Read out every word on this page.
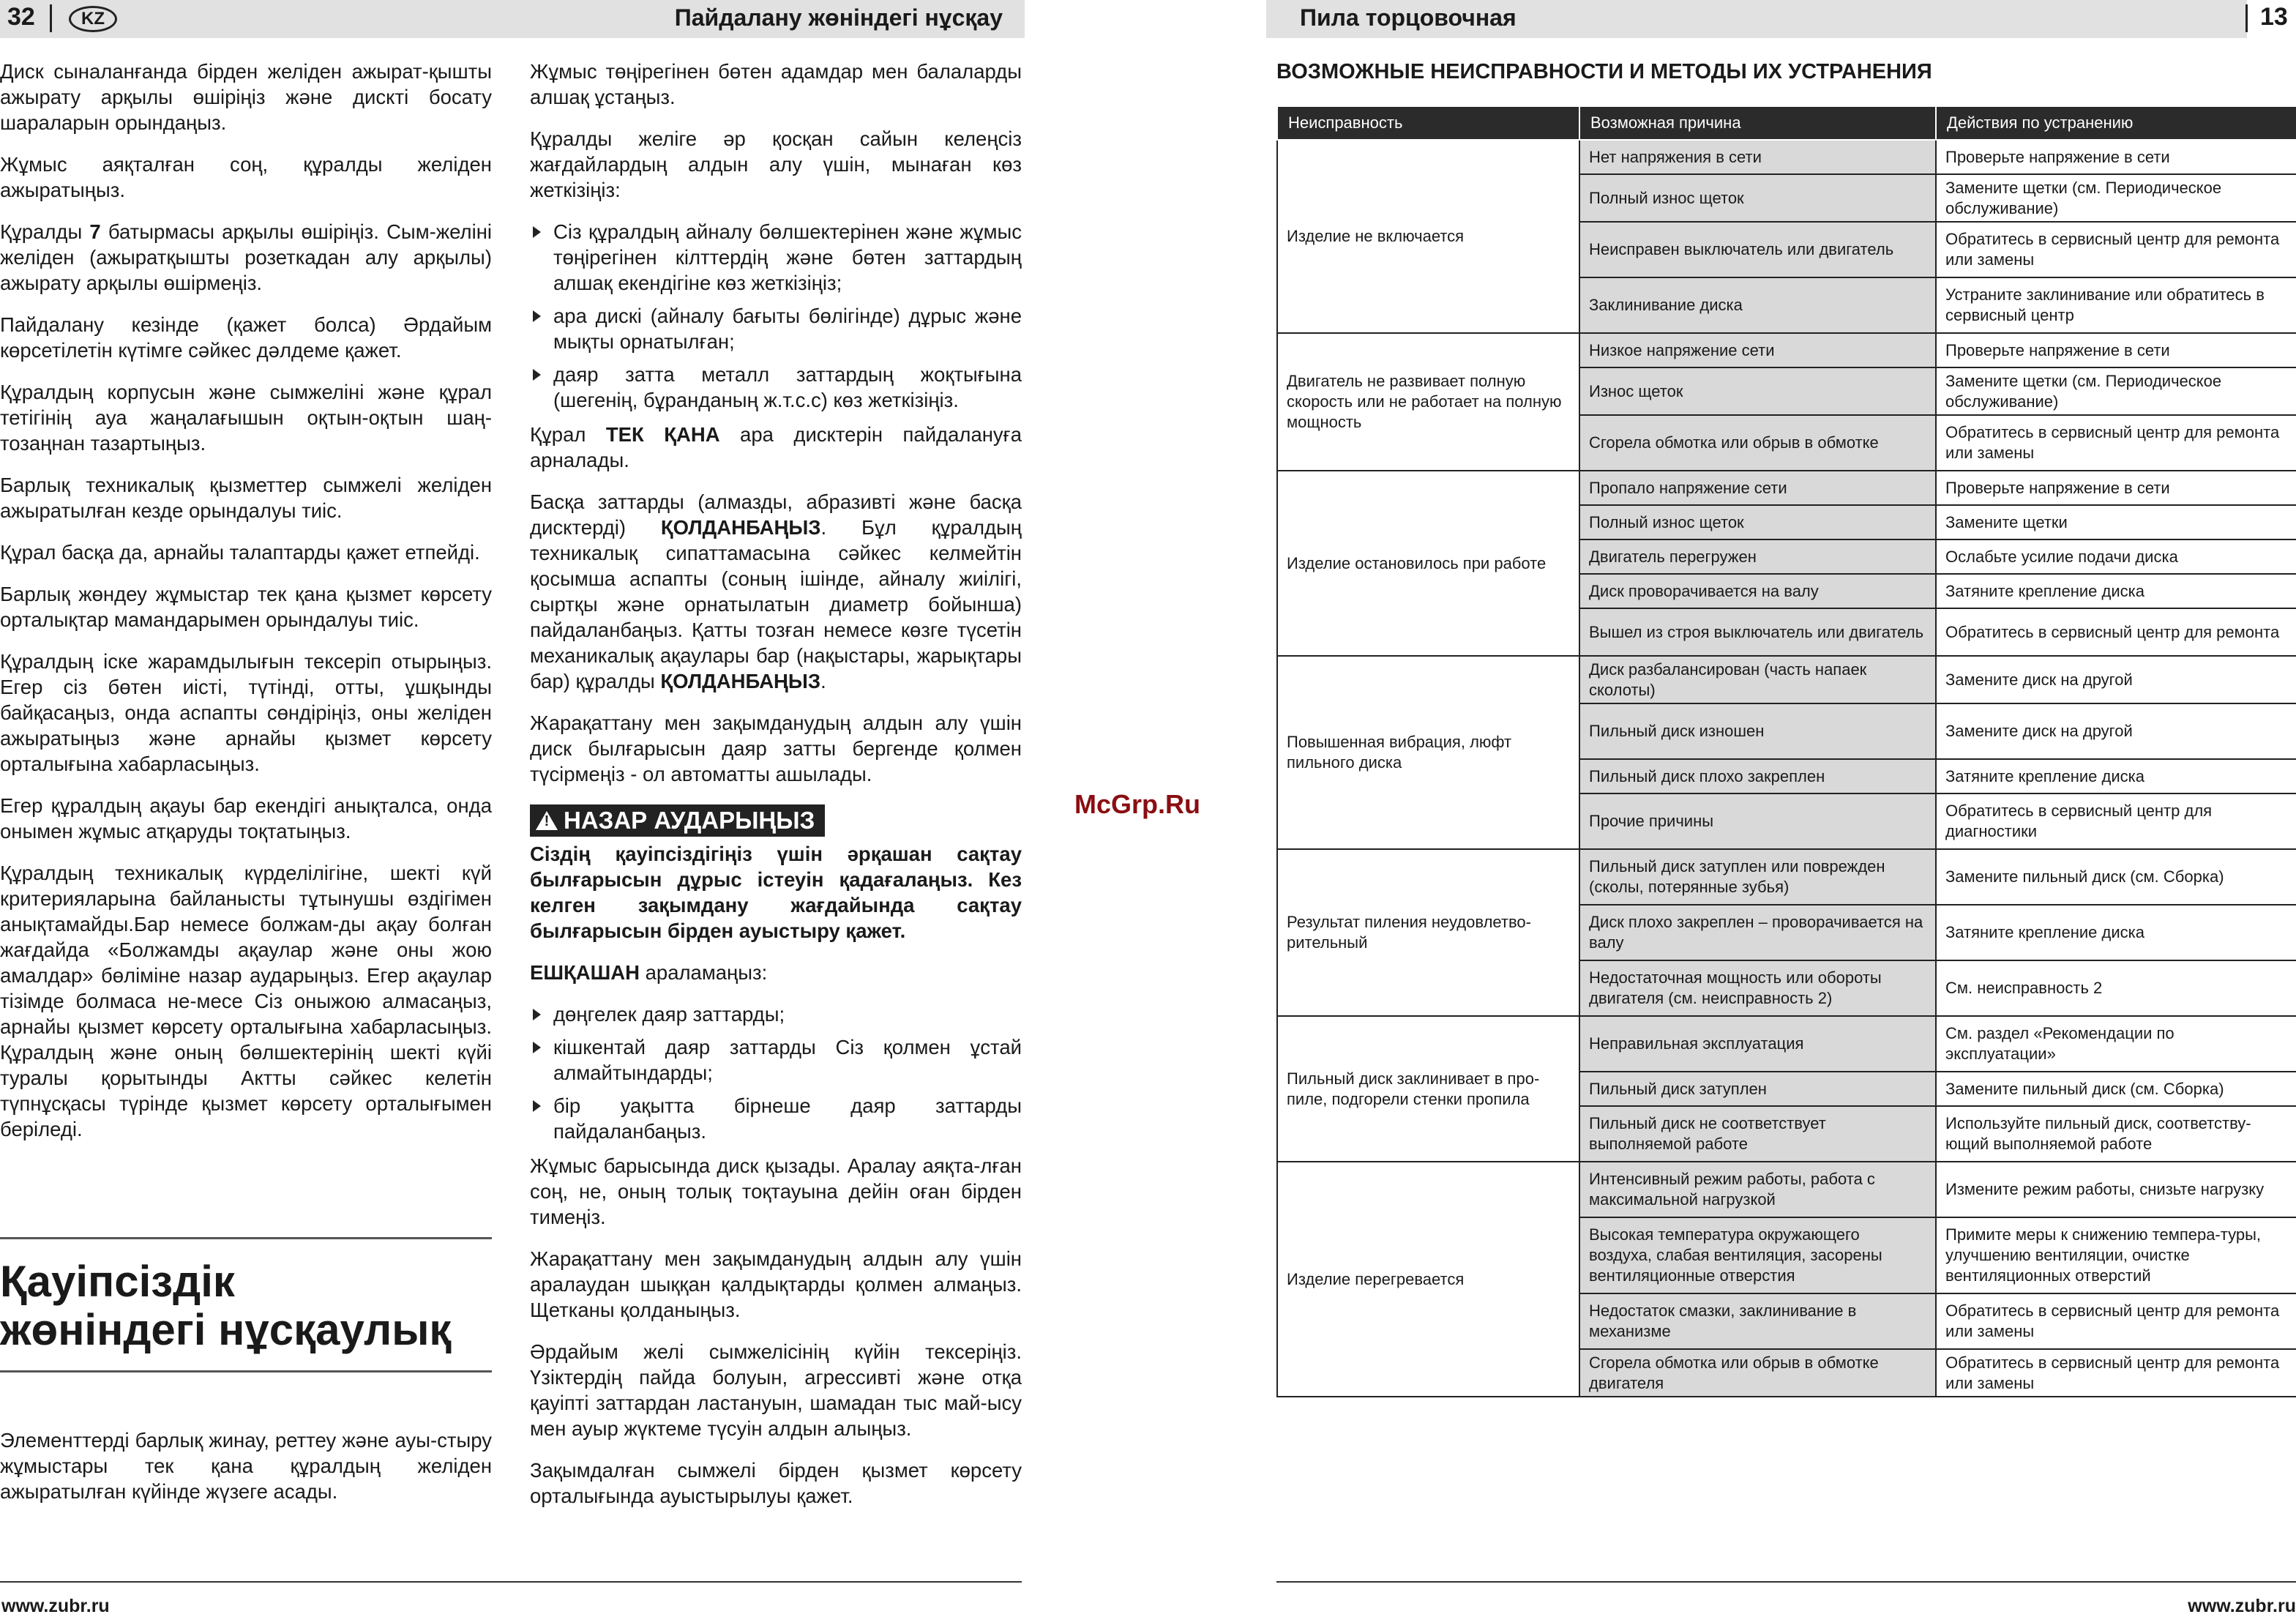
32	KZ	Пайдалану жөніндегі нұсқау

Диск сыналанғанда бірден желіден ажырат-қышты ажырату арқылы өшіріңіз және дискті босату шараларын орындаңыз.

Жұмыс аяқталған соң, құралды желіден ажыратыңыз.

Құралды 7 батырмасы арқылы өшіріңіз. Сым-желіні желіден (ажыратқышты розеткадан алу арқылы) ажырату арқылы өшірмеңіз.

Пайдалану кезінде (қажет болса) Әрдайым көрсетілетін күтімге сәйкес дәлдеме қажет.

Құралдың корпусын және сымжеліні және құрал тетігінің ауа жаңалағышын оқтын-оқтын шаң-тозаңнан тазартыңыз.

Барлық техникалық қызметтер сымжелі желіден ажыратылған кезде орындалуы тиіс.

Құрал басқа да, арнайы талаптарды қажет етпейді.

Барлық жөндеу жұмыстар тек қана қызмет көрсету орталықтар мамандарымен орындалуы тиіс.

Құралдың іске жарамдылығын тексеріп отырыңыз. Егер сіз бөтен иісті, түтінді, отты, ұшқынды байқасаңыз, онда аспапты сөндіріңіз, оны желіден ажыратыңыз және арнайы қызмет көрсету орталығына хабарласыңыз.

Егер құралдың ақауы бар екендігі анықталса, онда онымен жұмыс атқаруды тоқтатыңыз.

Құралдың техникалық күрделілігіне, шекті күй критерияларына байланысты тұтынушы өздігімен анықтамайды.Бар немесе болжам-ды ақау болған жағдайда «Болжамды ақаулар және оны жою амалдар» бөліміне назар аударыңыз. Егер ақаулар тізімде болмаса не-месе Сіз оныжою алмасаңыз, арнайы қызмет көрсету орталығына хабарласыңыз. Құралдың және оның бөлшектерінің шекті күйі туралы қорытынды Актты сәйкес келетін түпнұсқасы түрінде қызмет көрсету орталығымен беріледі.

Қауіпсіздік
жөніндегі нұсқаулық

Элементтерді барлық жинау, реттеу және ауы-стыру жұмыстары тек қана құралдың желіден ажыратылған күйінде жүзеге асады.

Жұмыс төңірегінен бөтен адамдар мен балаларды алшақ ұстаңыз.

Құралды желіге әр қосқан сайын келеңсіз жағдайлардың алдын алу үшін, мынаған көз жеткізіңіз:

Сіз құралдың айналу бөлшектерінен және жұмыс төңірегінен кілттердің және бөтен заттардың алшақ екендігіне көз жеткізіңіз;
ара дискі (айналу бағыты бөлігінде) дұрыс және мықты орнатылған;
даяр затта металл заттардың жоқтығына (шегенің, бұранданың ж.т.с.с) көз жеткізіңіз.

Құрал ТЕК ҚАНА ара дисктерін пайдалануға арналады.

Басқа заттарды (алмазды, абразивті және басқа дисктерді) ҚОЛДАНБАҢЫЗ. Бұл құралдың техникалық сипаттамасына сәйкес келмейтін қосымша аспапты (соның ішінде, айналу жиілігі, сыртқы және орнатылатын диаметр бойынша) пайдаланбаңыз. Қатты тозған немесе көзге түсетін механикалық ақаулары бар (нақыстары, жарықтары бар) құралды ҚОЛДАНБАҢЫЗ.

Жарақаттану мен зақымданудың алдын алу үшін диск былғарысын даяр затты бергенде қолмен түсірмеңіз - ол автоматты ашылады.

!НАЗАР АУДАРЫҢЫЗ

Сіздің қауіпсіздігіңіз үшін әрқашан сақтау былғарысын дұрыс істеуін қадағалаңыз. Кез келген зақымдану жағдайында сақтау былғарысын бірден ауыстыру қажет.

ЕШҚАШАН араламаңыз:

дөңгелек даяр заттарды;
кішкентай даяр заттарды Сіз қолмен ұстай алмайтындарды;
бір уақытта бірнеше даяр заттарды пайдаланбаңыз.

Жұмыс барысында диск қызады. Аралау аяқта-лған соң, не, оның толық тоқтауына дейін оған бірден тимеңіз.

Жарақаттану мен зақымданудың алдын алу үшін аралаудан шыққан қалдықтарды қолмен алмаңыз. Щетканы қолданыңыз.

Әрдайым желі сымжелісінің күйін тексеріңіз. Үзіктердің пайда болуын, агрессивті және отқа қауіпті заттардан ластануын, шамадан тыс май-ысу мен ауыр жүктеме түсуін алдын алыңыз.

Зақымдалған сымжелі бірден қызмет көрсету орталығында ауыстырылуы қажет.

www.zubr.ru
McGrp.Ru
Пила торцовочная	13
ВОЗМОЖНЫЕ НЕИСПРАВНОСТИ И МЕТОДЫ ИХ УСТРАНЕНИЯ
Неисправность	Возможная причина	Действия по устранению
Изделие не включается	Нет напряжения в сети	Проверьте напряжение в сети
	Полный износ щеток	Замените щетки (см. Периодическое обслуживание)
	Неисправен выключатель или двигатель	Обратитесь в сервисный центр для ремонта или замены
	Заклинивание диска	Устраните заклинивание или обратитесь в сервисный центр
Двигатель не развивает полную скорость или не работает на полную мощность	Низкое напряжение сети	Проверьте напряжение в сети
	Износ щеток	Замените щетки (см. Периодическое обслуживание)
	Сгорела обмотка или обрыв в обмотке	Обратитесь в сервисный центр для ремонта или замены
Изделие остановилось при работе	Пропало напряжение сети	Проверьте напряжение в сети
	Полный износ щеток	Замените щетки
	Двигатель перегружен	Ослабьте усилие подачи диска
	Диск проворачивается на валу	Затяните крепление диска
	Вышел из строя выключатель или двигатель	Обратитесь в сервисный центр для ремонта
Повышенная вибрация, люфт пильного диска	Диск разбалансирован (часть напаек сколоты)	Замените диск на другой
	Пильный диск изношен	Замените диск на другой
	Пильный диск плохо закреплен	Затяните крепление диска
	Прочие причины	Обратитесь в сервисный центр для диагностики
Результат пиления неудовлетво-рительный	Пильный диск затуплен или поврежден (сколы, потерянные зубья)	Замените пильный диск (см. Сборка)
	Диск плохо закреплен – проворачивается на валу	Затяните крепление диска
	Недостаточная мощность или обороты двигателя (см. неисправность 2)	См. неисправность 2
Пильный диск заклинивает в про-пиле, подгорели стенки пропила	Неправильная эксплуатация	См. раздел «Рекомендации по эксплуатации»
	Пильный диск затуплен	Замените пильный диск (см. Сборка)
	Пильный диск не соответствует выполняемой работе	Используйте пильный диск, соответству-ющий выполняемой работе
Изделие перегревается	Интенсивный режим работы, работа с максимальной нагрузкой	Измените режим работы, снизьте нагрузку
	Высокая температура окружающего воздуха, слабая вентиляция, засорены вентиляционные отверстия	Примите меры к снижению темпера-туры, улучшению вентиляции, очистке вентиляционных отверстий
	Недостаток смазки, заклинивание в механизме	Обратитесь в сервисный центр для ремонта или замены
	Сгорела обмотка или обрыв в обмотке двигателя	Обратитесь в сервисный центр для ремонта или замены
www.zubr.ru
